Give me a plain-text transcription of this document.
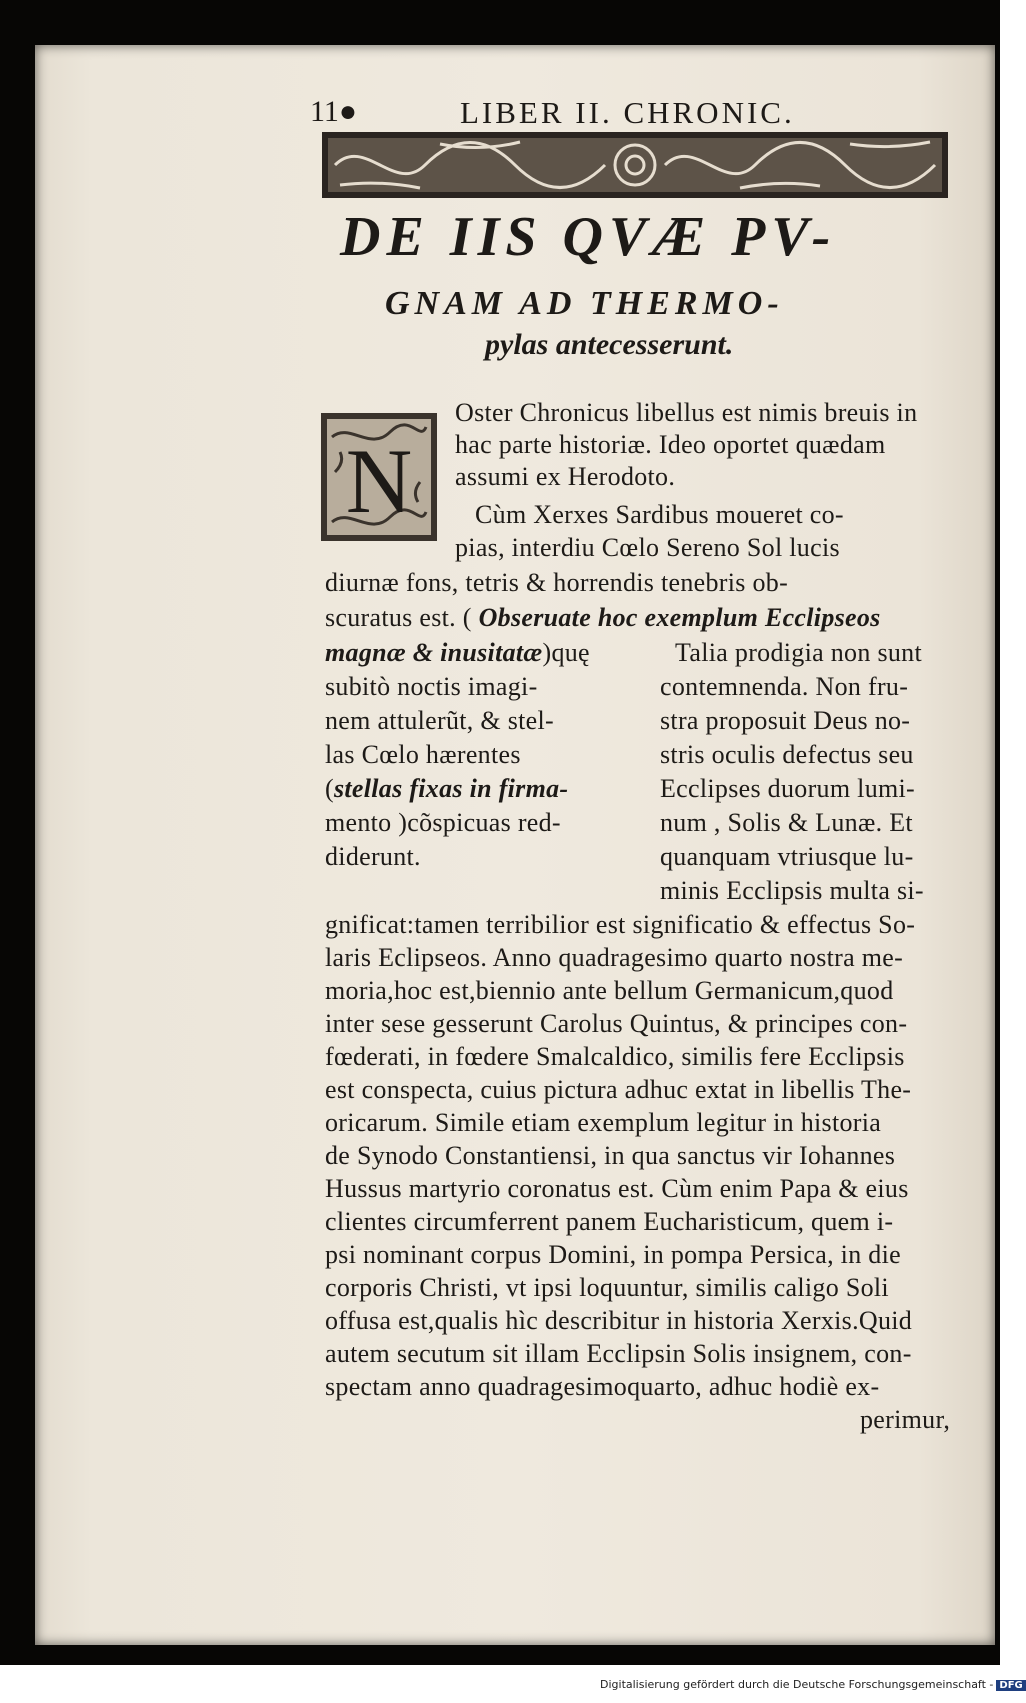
11●	LIBER II. CHRONIC.
DE IIS QVÆ PV-
GNAM AD THERMO-
pylas antecesserunt.
N
Oster Chronicus libellus est nimis breuis in
hac parte historiæ. Ideo oportet quædam
assumi ex Herodoto.
Cùm Xerxes Sardibus moueret co-
pias, interdiu Cœlo Sereno Sol lucis
diurnæ fons, tetris & horrendis tenebris ob-
scuratus est. ( Obseruate hoc exemplum Ecclipseos
magnæ & inusitatæ)quę
subitò noctis imagi-
nem attulerũt, & stel-
las Cœlo hærentes
(stellas fixas in firma-
mento )cõspicuas red-
diderunt.
Talia prodigia non sunt
contemnenda. Non fru-
stra proposuit Deus no-
stris oculis defectus seu
Ecclipses duorum lumi-
num , Solis & Lunæ. Et
quanquam vtriusque lu-
minis Ecclipsis multa si-
gnificat:tamen terribilior est significatio & effectus So-
laris Eclipseos. Anno quadragesimo quarto nostra me-
moria,hoc est,biennio ante bellum Germanicum,quod
inter sese gesserunt Carolus Quintus, & principes con-
fœderati, in fœdere Smalcaldico, similis fere Ecclipsis
est conspecta, cuius pictura adhuc extat in libellis The-
oricarum. Simile etiam exemplum legitur in historia
de Synodo Constantiensi, in qua sanctus vir Iohannes
Hussus martyrio coronatus est. Cùm enim Papa & eius
clientes circumferrent panem Eucharisticum, quem i-
psi nominant corpus Domini, in pompa Persica, in die
corporis Christi, vt ipsi loquuntur, similis caligo Soli
offusa est,qualis hìc describitur in historia Xerxis.Quid
autem secutum sit illam Ecclipsin Solis insignem, con-
spectam anno quadragesimoquarto, adhuc hodiè ex-
perimur,
Digitalisierung gefördert durch die Deutsche Forschungsgemeinschaft - DFG
